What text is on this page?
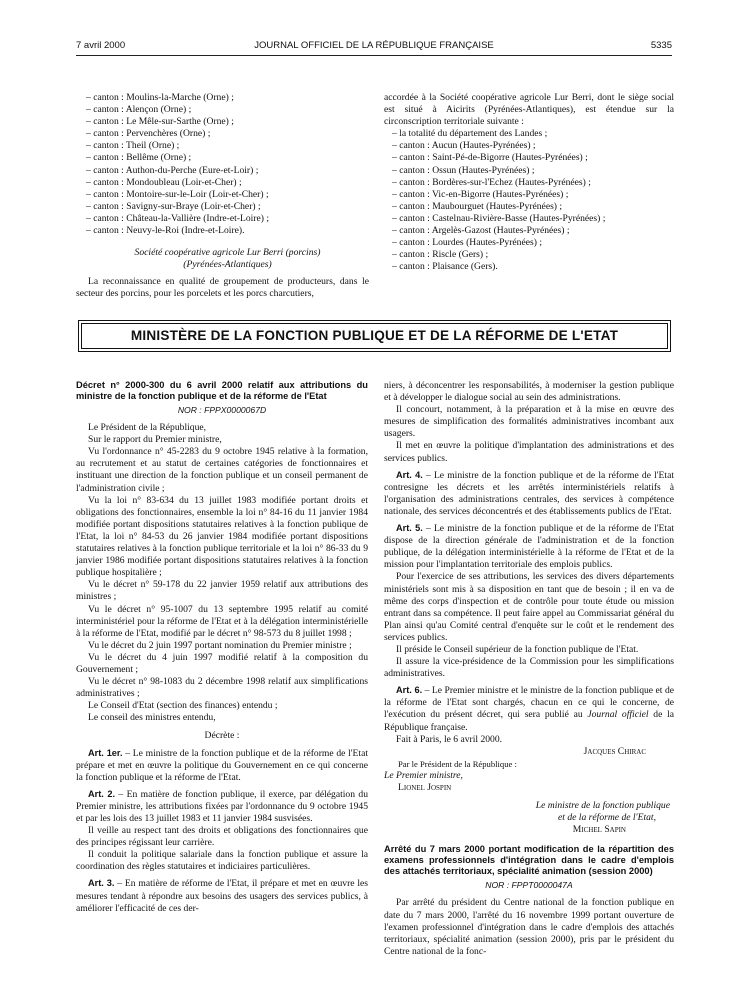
7 avril 2000	JOURNAL OFFICIEL DE LA RÉPUBLIQUE FRANÇAISE	5335

– canton : Moulins-la-Marche (Orne) ;

– canton : Alençon (Orne) ;

– canton : Le Mêle-sur-Sarthe (Orne) ;

– canton : Pervenchères (Orne) ;

– canton : Theil (Orne) ;

– canton : Bellême (Orne) ;

– canton : Authon-du-Perche (Eure-et-Loir) ;

– canton : Mondoubleau (Loir-et-Cher) ;

– canton : Montoire-sur-le-Loir (Loir-et-Cher) ;

– canton : Savigny-sur-Braye (Loir-et-Cher) ;

– canton : Château-la-Vallière (Indre-et-Loire) ;

– canton : Neuvy-le-Roi (Indre-et-Loire).

Société coopérative agricole Lur Berri (porcins)

(Pyrénées-Atlantiques)

La reconnaissance en qualité de groupement de producteurs, dans le secteur des porcins, pour les porcelets et les porcs charcutiers,

accordée à la Société coopérative agricole Lur Berri, dont le siège social est situé à Aicirits (Pyrénées-Atlantiques), est étendue sur la circonscription territoriale suivante :

– la totalité du département des Landes ;

– canton : Aucun (Hautes-Pyrénées) ;

– canton : Saint-Pé-de-Bigorre (Hautes-Pyrénées) ;

– canton : Ossun (Hautes-Pyrénées) ;

– canton : Bordères-sur-l'Echez (Hautes-Pyrénées) ;

– canton : Vic-en-Bigorre (Hautes-Pyrénées) ;

– canton : Maubourguet (Hautes-Pyrénées) ;

– canton : Castelnau-Rivière-Basse (Hautes-Pyrénées) ;

– canton : Argelès-Gazost (Hautes-Pyrénées) ;

– canton : Lourdes (Hautes-Pyrénées) ;

– canton : Riscle (Gers) ;

– canton : Plaisance (Gers).

MINISTÈRE DE LA FONCTION PUBLIQUE ET DE LA RÉFORME DE L'ETAT

Décret n° 2000-300 du 6 avril 2000 relatif aux attributions du ministre de la fonction publique et de la réforme de l'Etat

NOR : FPPX0000067D

Le Président de la République,

Sur le rapport du Premier ministre,

Vu l'ordonnance n° 45-2283 du 9 octobre 1945 relative à la formation, au recrutement et au statut de certaines catégories de fonctionnaires et instituant une direction de la fonction publique et un conseil permanent de l'administration civile ;

Vu la loi n° 83-634 du 13 juillet 1983 modifiée portant droits et obligations des fonctionnaires, ensemble la loi n° 84-16 du 11 janvier 1984 modifiée portant dispositions statutaires relatives à la fonction publique de l'Etat, la loi n° 84-53 du 26 janvier 1984 modifiée portant dispositions statutaires relatives à la fonction publique territoriale et la loi n° 86-33 du 9 janvier 1986 modifiée portant dispositions statutaires relatives à la fonction publique hospitalière ;

Vu le décret n° 59-178 du 22 janvier 1959 relatif aux attributions des ministres ;

Vu le décret n° 95-1007 du 13 septembre 1995 relatif au comité interministériel pour la réforme de l'Etat et à la délégation interministérielle à la réforme de l'Etat, modifié par le décret n° 98-573 du 8 juillet 1998 ;

Vu le décret du 2 juin 1997 portant nomination du Premier ministre ;

Vu le décret du 4 juin 1997 modifié relatif à la composition du Gouvernement ;

Vu le décret n° 98-1083 du 2 décembre 1998 relatif aux simplifications administratives ;

Le Conseil d'Etat (section des finances) entendu ;

Le conseil des ministres entendu,

Décrète :

Art. 1er. – Le ministre de la fonction publique et de la réforme de l'Etat prépare et met en œuvre la politique du Gouvernement en ce qui concerne la fonction publique et la réforme de l'Etat.

Art. 2. – En matière de fonction publique, il exerce, par délégation du Premier ministre, les attributions fixées par l'ordonnance du 9 octobre 1945 et par les lois des 13 juillet 1983 et 11 janvier 1984 susvisées.

Il veille au respect tant des droits et obligations des fonctionnaires que des principes régissant leur carrière.

Il conduit la politique salariale dans la fonction publique et assure la coordination des règles statutaires et indiciaires particulières.

Art. 3. – En matière de réforme de l'Etat, il prépare et met en œuvre les mesures tendant à répondre aux besoins des usagers des services publics, à améliorer l'efficacité de ces der-

niers, à déconcentrer les responsabilités, à moderniser la gestion publique et à développer le dialogue social au sein des administrations.

Il concourt, notamment, à la préparation et à la mise en œuvre des mesures de simplification des formalités administratives incombant aux usagers.

Il met en œuvre la politique d'implantation des administrations et des services publics.

Art. 4. – Le ministre de la fonction publique et de la réforme de l'Etat contresigne les décrets et les arrêtés interministériels relatifs à l'organisation des administrations centrales, des services à compétence nationale, des services déconcentrés et des établissements publics de l'Etat.

Art. 5. – Le ministre de la fonction publique et de la réforme de l'Etat dispose de la direction générale de l'administration et de la fonction publique, de la délégation interministérielle à la réforme de l'Etat et de la mission pour l'implantation territoriale des emplois publics.

Pour l'exercice de ses attributions, les services des divers départements ministériels sont mis à sa disposition en tant que de besoin ; il en va de même des corps d'inspection et de contrôle pour toute étude ou mission entrant dans sa compétence. Il peut faire appel au Commissariat général du Plan ainsi qu'au Comité central d'enquête sur le coût et le rendement des services publics.

Il préside le Conseil supérieur de la fonction publique de l'Etat.

Il assure la vice-présidence de la Commission pour les simplifications administratives.

Art. 6. – Le Premier ministre et le ministre de la fonction publique et de la réforme de l'Etat sont chargés, chacun en ce qui le concerne, de l'exécution du présent décret, qui sera publié au Journal officiel de la République française.

Fait à Paris, le 6 avril 2000.

Jacques Chirac

Par le Président de la République :

Le Premier ministre,

Lionel Jospin

Le ministre de la fonction publique

et de la réforme de l'Etat,

Michel Sapin

Arrêté du 7 mars 2000 portant modification de la répartition des examens professionnels d'intégration dans le cadre d'emplois des attachés territoriaux, spécialité animation (session 2000)

NOR : FPPT0000047A

Par arrêté du président du Centre national de la fonction publique en date du 7 mars 2000, l'arrêté du 16 novembre 1999 portant ouverture de l'examen professionnel d'intégration dans le cadre d'emplois des attachés territoriaux, spécialité animation (session 2000), pris par le président du Centre national de la fonc-
